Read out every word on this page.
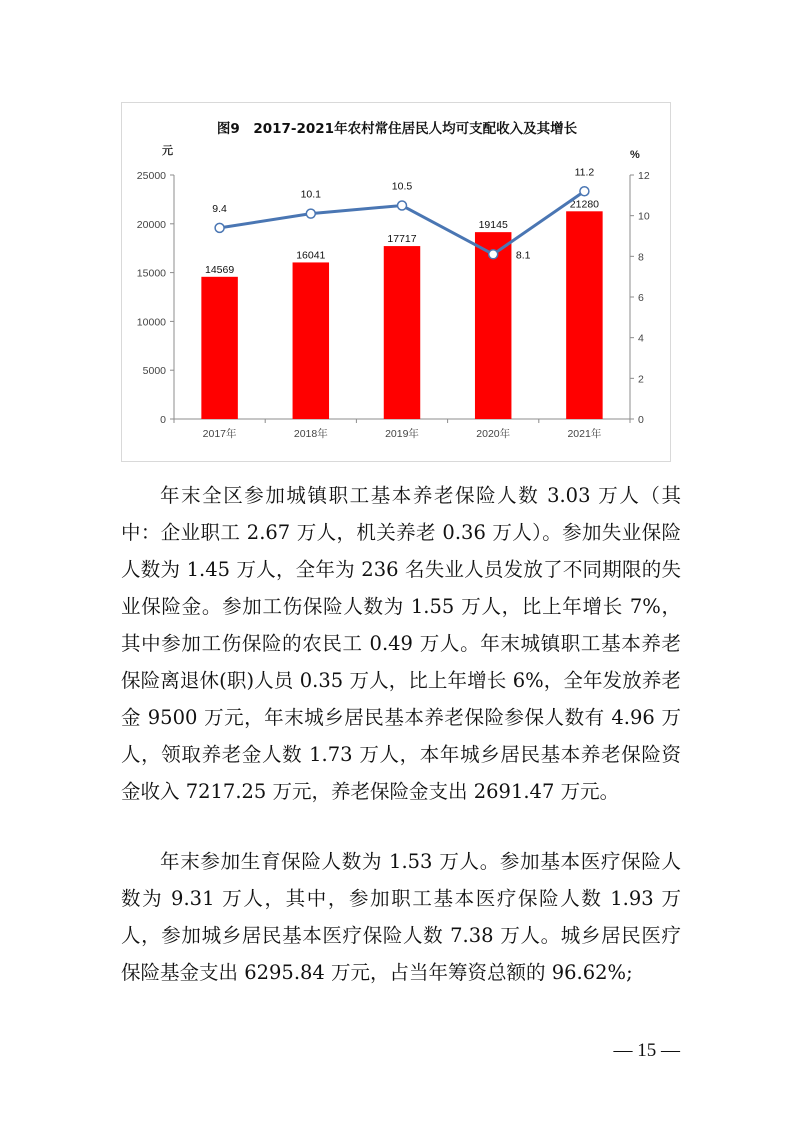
图9　2017-2021年农村常住居民人均可支配收入及其增长
元	%
0
5000
10000
15000
20000
25000
0
2
4
6
8
10
12
2017年	2018年	2019年	2020年	2021年
14569
16041
17717
19145
21280
9.4
10.1
10.5
8.1
11.2

年末全区参加城镇职工基本养老保险人数 3.03 万人（其中：企业职工 2.67 万人，机关养老 0.36 万人）。参加失业保险人数为 1.45 万人，全年为 236 名失业人员发放了不同期限的失业保险金。参加工伤保险人数为 1.55 万人，比上年增长 7%，其中参加工伤保险的农民工 0.49 万人。年末城镇职工基本养老保险离退休(职)人员 0.35 万人，比上年增长 6%，全年发放养老金 9500 万元，年末城乡居民基本养老保险参保人数有 4.96 万人，领取养老金人数 1.73 万人，本年城乡居民基本养老保险资金收入 7217.25 万元，养老保险金支出 2691.47 万元。

年末参加生育保险人数为 1.53 万人。参加基本医疗保险人数为 9.31 万人，其中，参加职工基本医疗保险人数 1.93 万人，参加城乡居民基本医疗保险人数 7.38 万人。城乡居民医疗保险基金支出 6295.84 万元，占当年筹资总额的 96.62%;

— 15 —
